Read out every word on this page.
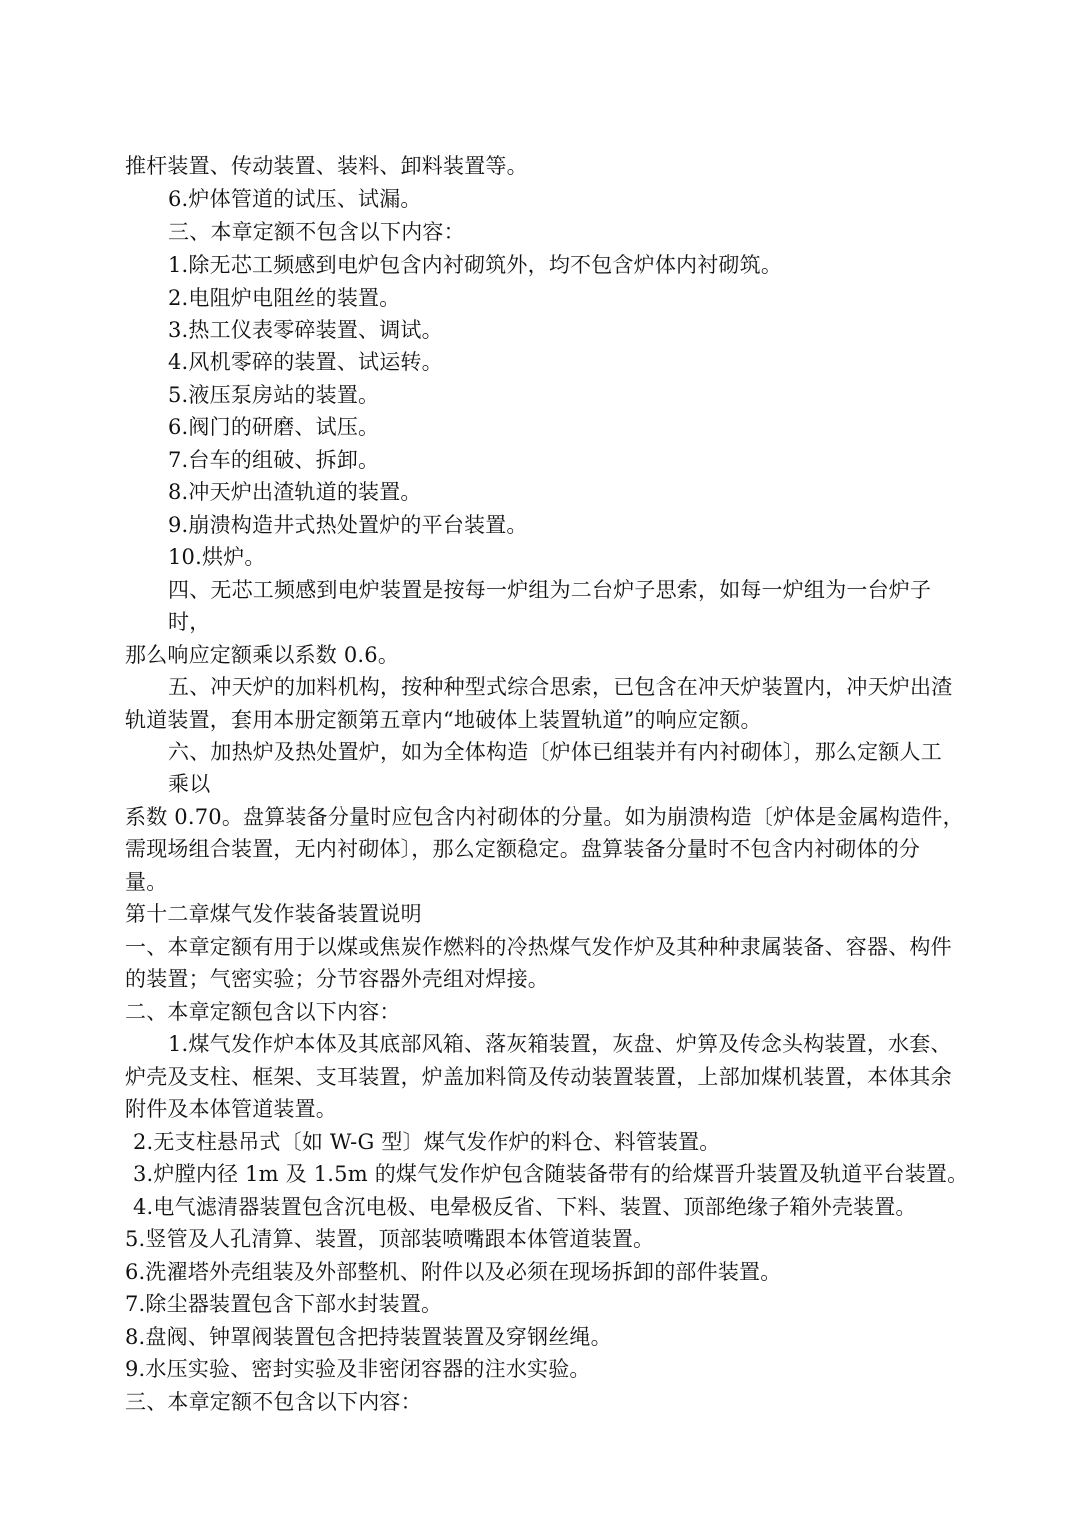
推杆装置、传动装置、装料、卸料装置等。
6.炉体管道的试压、试漏。
三、本章定额不包含以下内容：
1.除无芯工频感到电炉包含内衬砌筑外，均不包含炉体内衬砌筑。
2.电阻炉电阻丝的装置。
3.热工仪表零碎装置、调试。
4.风机零碎的装置、试运转。
5.液压泵房站的装置。
6.阀门的研磨、试压。
7.台车的组破、拆卸。
8.冲天炉出渣轨道的装置。
9.崩溃构造井式热处置炉的平台装置。
10.烘炉。
四、无芯工频感到电炉装置是按每一炉组为二台炉子思索，如每一炉组为一台炉子
时，
那么响应定额乘以系数 0.6。
五、冲天炉的加料机构，按种种型式综合思索，已包含在冲天炉装置内，冲天炉出渣
轨道装置，套用本册定额第五章内“地破体上装置轨道”的响应定额。
六、加热炉及热处置炉，如为全体构造〔炉体已组装并有内衬砌体〕，那么定额人工
乘以
系数 0.70。盘算装备分量时应包含内衬砌体的分量。如为崩溃构造〔炉体是金属构造件，
需现场组合装置，无内衬砌体〕，那么定额稳定。盘算装备分量时不包含内衬砌体的分
量。
第十二章煤气发作装备装置说明
一、本章定额有用于以煤或焦炭作燃料的冷热煤气发作炉及其种种隶属装备、容器、构件
的装置；气密实验；分节容器外壳组对焊接。
二、本章定额包含以下内容：
1.煤气发作炉本体及其底部风箱、落灰箱装置，灰盘、炉箅及传念头构装置，水套、
炉壳及支柱、框架、支耳装置，炉盖加料筒及传动装置装置，上部加煤机装置，本体其余
附件及本体管道装置。
2.无支柱悬吊式〔如 W-G 型〕煤气发作炉的料仓、料管装置。
3.炉膛内径 1m 及 1.5m 的煤气发作炉包含随装备带有的给煤晋升装置及轨道平台装置。
4.电气滤清器装置包含沉电极、电晕极反省、下料、装置、顶部绝缘子箱外壳装置。
5.竖管及人孔清算、装置，顶部装喷嘴跟本体管道装置。
6.洗濯塔外壳组装及外部整机、附件以及必须在现场拆卸的部件装置。
7.除尘器装置包含下部水封装置。
8.盘阀、钟罩阀装置包含把持装置装置及穿钢丝绳。
9.水压实验、密封实验及非密闭容器的注水实验。
三、本章定额不包含以下内容：
